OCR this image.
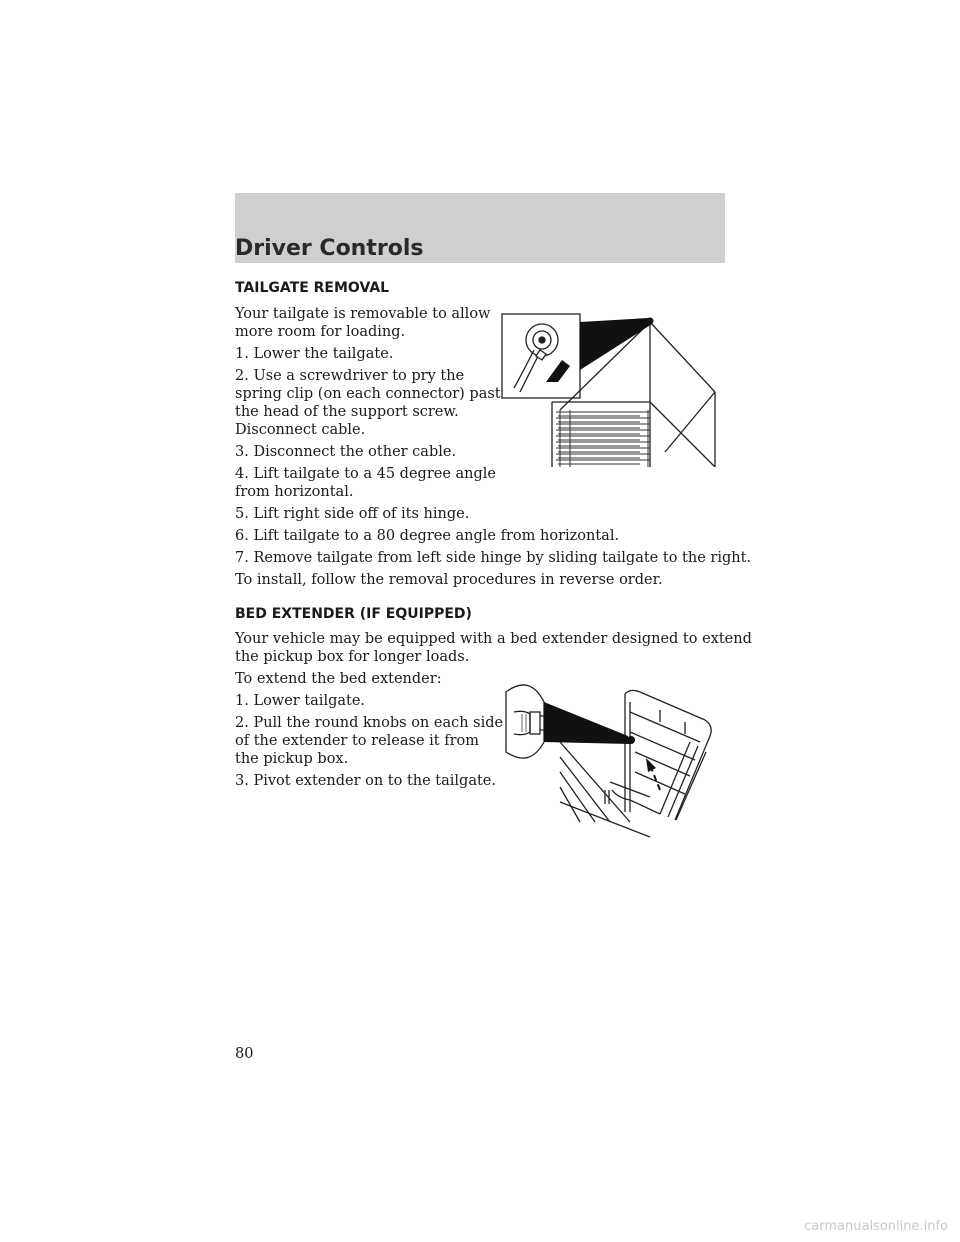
Driver Controls
TAILGATE REMOVAL

Your tailgate is removable to allow

more room for loading.

1. Lower the tailgate.

2. Use a screwdriver to pry the

spring clip (on each connector) past

the head of the support screw.

Disconnect cable.

3. Disconnect the other cable.

4. Lift tailgate to a 45 degree angle

from horizontal.

5. Lift right side off of its hinge.

6. Lift tailgate to a 80 degree angle from horizontal.

7. Remove tailgate from left side hinge by sliding tailgate to the right.

To install, follow the removal procedures in reverse order.

BED EXTENDER (IF EQUIPPED)

Your vehicle may be equipped with a bed extender designed to extend

the pickup box for longer loads.

To extend the bed extender:

1. Lower tailgate.

2. Pull the round knobs on each side

of the extender to release it from

the pickup box.

3. Pivot extender on to the tailgate.

80
carmanualsonline.info
